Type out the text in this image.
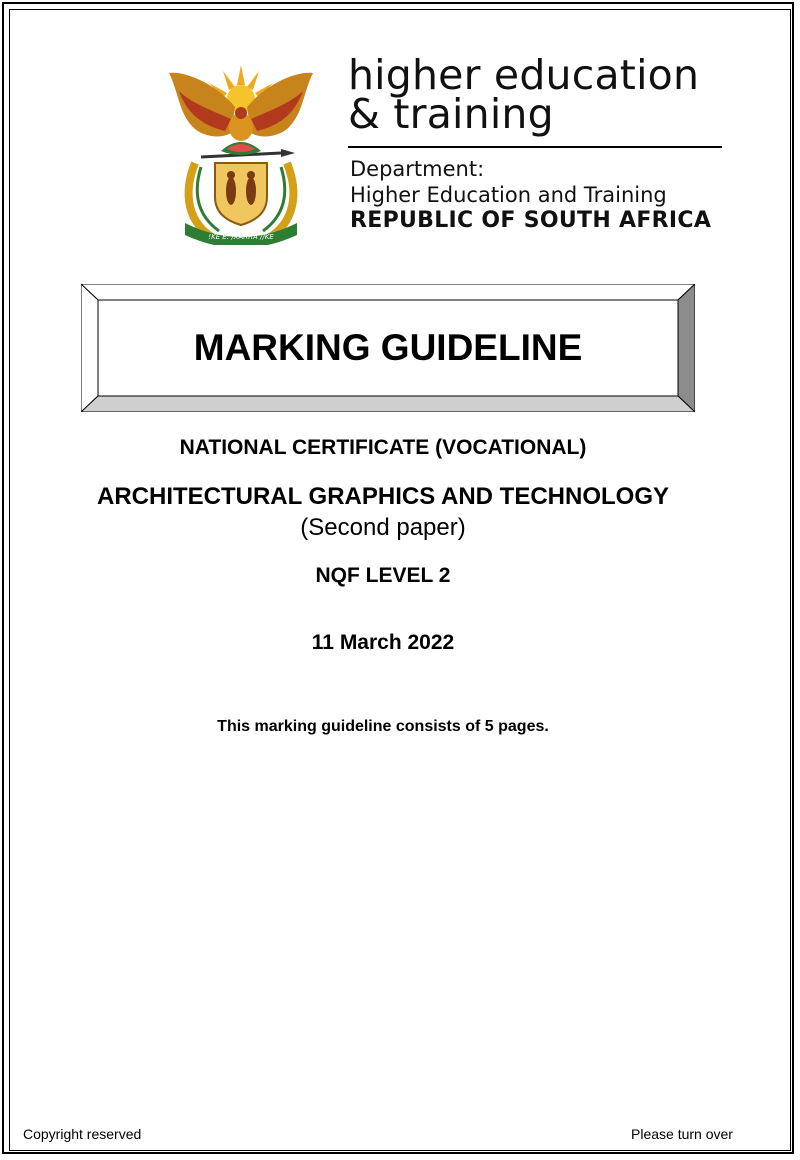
!KE E: /XARRA //KE
higher education
& training
Department:
Higher Education and Training
REPUBLIC OF SOUTH AFRICA
MARKING GUIDELINE
NATIONAL CERTIFICATE (VOCATIONAL)
ARCHITECTURAL GRAPHICS AND TECHNOLOGY
(Second paper)
NQF LEVEL 2
11 March 2022
This marking guideline consists of 5 pages.
Copyright reserved	Please turn over
